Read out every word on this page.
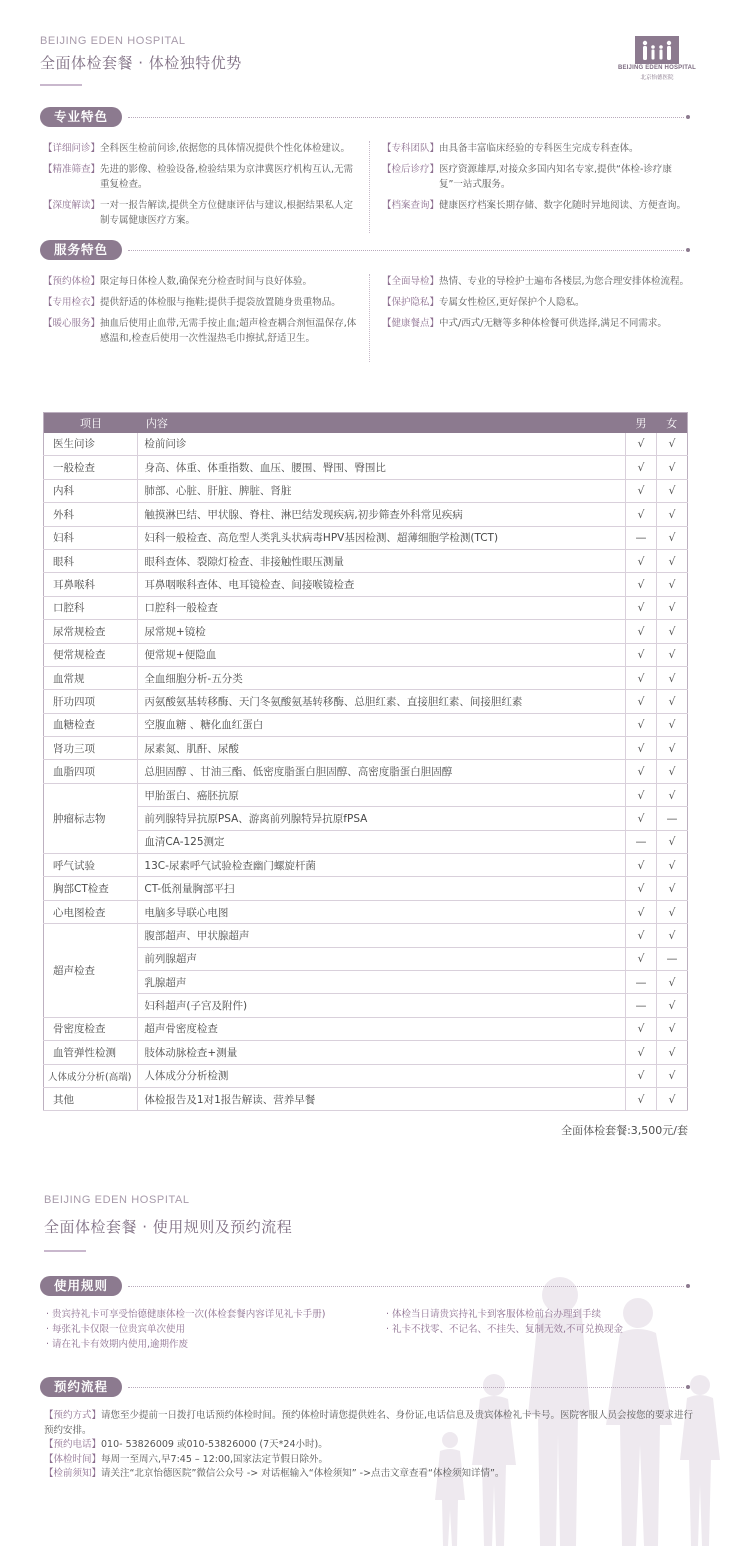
BEIJING EDEN HOSPITAL
全面体检套餐 · 体检独特优势	BEIJING EDEN HOSPITAL
北京怡德医院
专业特色
【详细问诊】 全科医生检前问诊,依据您的具体情况提供个性化体检建议。
【精准筛查】 先进的影像、检验设备,检验结果为京津冀医疗机构互认,无需重复检查。
【深度解读】 一对一报告解读,提供全方位健康评估与建议,根据结果私人定制专属健康医疗方案。
【专科团队】 由具备丰富临床经验的专科医生完成专科查体。
【检后诊疗】 医疗资源雄厚,对接众多国内知名专家,提供“体检-诊疗康复”一站式服务。
【档案查询】 健康医疗档案长期存储、数字化随时异地阅读、方便查询。
服务特色
【预约体检】 限定每日体检人数,确保充分检查时间与良好体验。
【专用检衣】 提供舒适的体检服与拖鞋;提供手提袋放置随身贵重物品。
【暖心服务】 抽血后使用止血带,无需手按止血;超声检查耦合剂恒温保存,体感温和,检查后使用一次性湿热毛巾擦拭,舒适卫生。
【全面导检】 热情、专业的导检护士遍布各楼层,为您合理安排体检流程。
【保护隐私】 专属女性检区,更好保护个人隐私。
【健康餐点】 中式/西式/无糖等多种体检餐可供选择,满足不同需求。
项目	内容	男	女
医生问诊	检前问诊	√	√
一般检查	身高、体重、体重指数、血压、腰围、臀围、臀围比	√	√
内科	肺部、心脏、肝脏、脾脏、肾脏	√	√
外科	触摸淋巴结、甲状腺、脊柱、淋巴结发现疾病,初步筛查外科常见疾病	√	√
妇科	妇科一般检查、高危型人类乳头状病毒HPV基因检测、超薄细胞学检测(TCT)	—	√
眼科	眼科查体、裂隙灯检查、非接触性眼压测量	√	√
耳鼻喉科	耳鼻咽喉科查体、电耳镜检查、间接喉镜检查	√	√
口腔科	口腔科一般检查	√	√
尿常规检查	尿常规+镜检	√	√
便常规检查	便常规+便隐血	√	√
血常规	全血细胞分析-五分类	√	√
肝功四项	丙氨酸氨基转移酶、天门冬氨酸氨基转移酶、总胆红素、直接胆红素、间接胆红素	√	√
血糖检查	空腹血糖 、糖化血红蛋白	√	√
肾功三项	尿素氮、肌酐、尿酸	√	√
血脂四项	总胆固醇 、甘油三酯、低密度脂蛋白胆固醇、高密度脂蛋白胆固醇	√	√
肿瘤标志物	甲胎蛋白、癌胚抗原	√	√
	前列腺特异抗原PSA、游离前列腺特异抗原fPSA	√	—
	血清CA-125测定	—	√
呼气试验	13C-尿素呼气试验检查幽门螺旋杆菌	√	√
胸部CT检查	CT-低剂量胸部平扫	√	√
心电图检查	电脑多导联心电图	√	√
超声检查	腹部超声、甲状腺超声	√	√
	前列腺超声	√	—
	乳腺超声	—	√
	妇科超声(子宫及附件)	—	√
骨密度检查	超声骨密度检查	√	√
血管弹性检测	肢体动脉检查+测量	√	√
人体成分分析(高端)	人体成分分析检测	√	√
其他	体检报告及1对1报告解读、营养早餐	√	√
全面体检套餐:3,500元/套
BEIJING EDEN HOSPITAL
全面体检套餐 · 使用规则及预约流程
使用规则
· 贵宾持礼卡可享受怡德健康体检一次(体检套餐内容详见礼卡手册)
· 每张礼卡仅限一位贵宾单次使用
· 请在礼卡有效期内使用,逾期作废
· 体检当日请贵宾持礼卡到客服体检前台办理到手续
· 礼卡不找零、不记名、不挂失、复制无效,不可兑换现金
预约流程
【预约方式】请您至少提前一日拨打电话预约体检时间。预约体检时请您提供姓名、身份证,电话信息及贵宾体检礼卡卡号。医院客服人员会按您的要求进行预约安排。
【预约电话】010- 53826009 或010-53826000 (7天*24小时)。
【体检时间】每周一至周六,早7:45 – 12:00,国家法定节假日除外。
【检前须知】请关注“北京怡德医院”微信公众号 -> 对话框输入“体检须知” ->点击文章查看“体检须知详情”。
